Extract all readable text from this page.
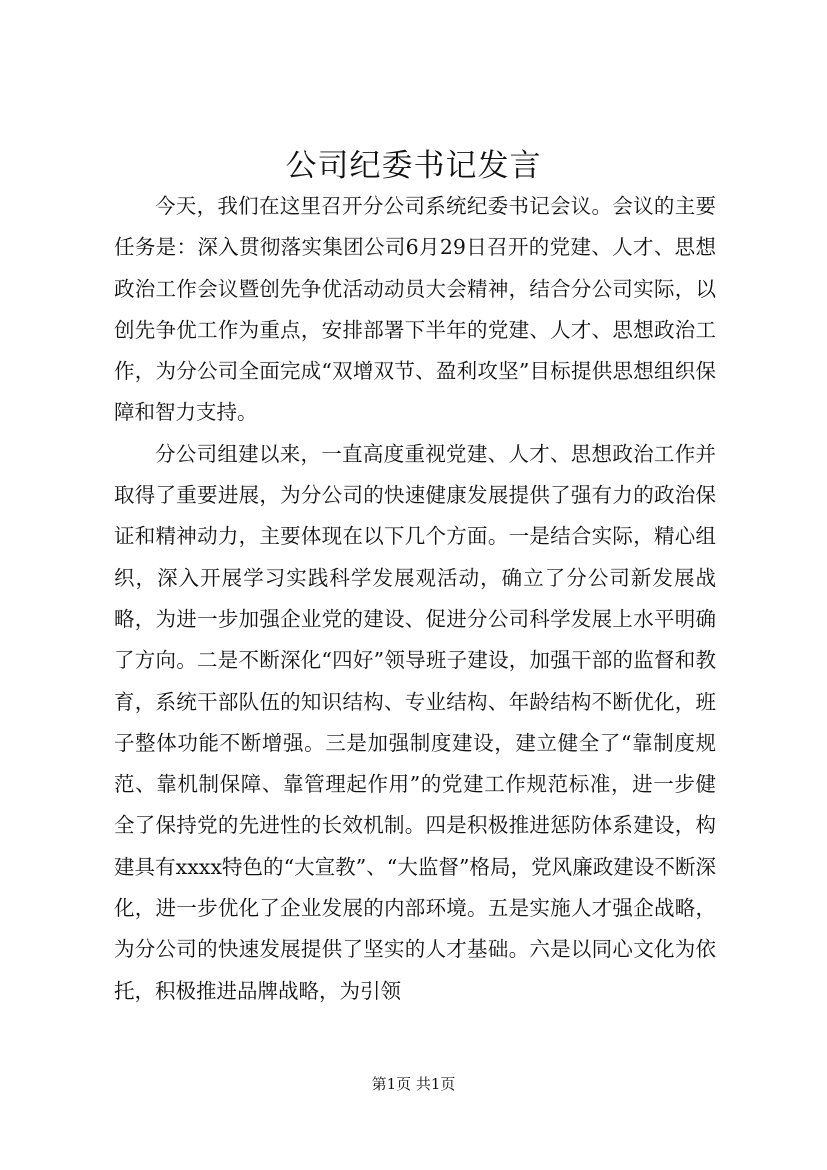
公司纪委书记发言

今天，我们在这里召开分公司系统纪委书记会议。会议的主要任务是：深入贯彻落实集团公司6月29日召开的党建、人才、思想政治工作会议暨创先争优活动动员大会精神，结合分公司实际，以创先争优工作为重点，安排部署下半年的党建、人才、思想政治工作，为分公司全面完成“双增双节、盈利攻坚”目标提供思想组织保障和智力支持。

分公司组建以来，一直高度重视党建、人才、思想政治工作并取得了重要进展，为分公司的快速健康发展提供了强有力的政治保证和精神动力，主要体现在以下几个方面。一是结合实际，精心组织，深入开展学习实践科学发展观活动，确立了分公司新发展战略，为进一步加强企业党的建设、促进分公司科学发展上水平明确了方向。二是不断深化“四好”领导班子建设，加强干部的监督和教育，系统干部队伍的知识结构、专业结构、年龄结构不断优化，班子整体功能不断增强。三是加强制度建设，建立健全了“靠制度规范、靠机制保障、靠管理起作用”的党建工作规范标准，进一步健全了保持党的先进性的长效机制。四是积极推进惩防体系建设，构建具有xxxx特色的“大宣教”、“大监督”格局，党风廉政建设不断深化，进一步优化了企业发展的内部环境。五是实施人才强企战略，为分公司的快速发展提供了坚实的人才基础。六是以同心文化为依托，积极推进品牌战略，为引领

第1页 共1页
